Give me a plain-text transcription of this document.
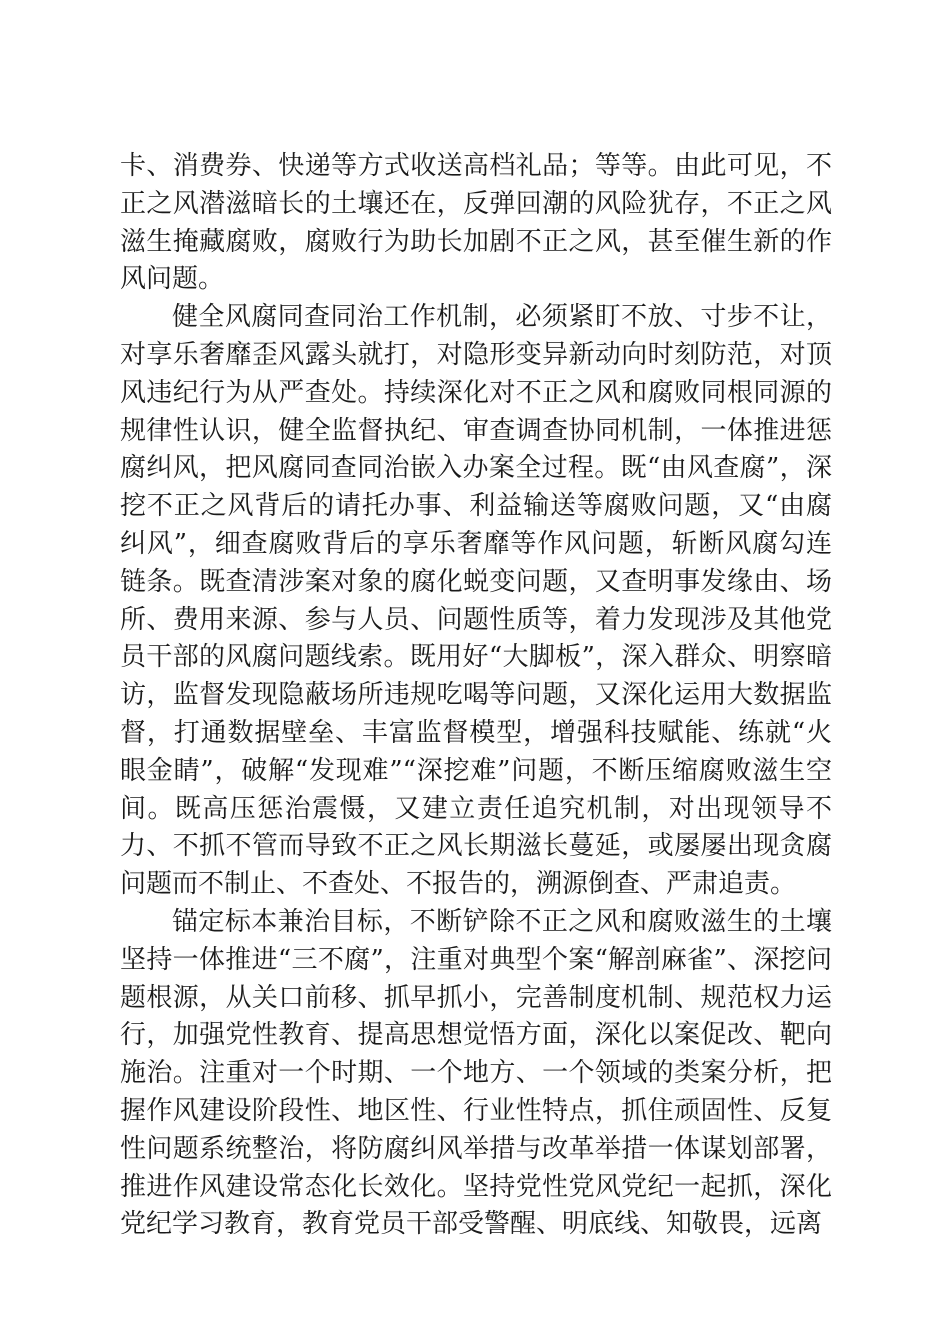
卡、消费券、快递等方式收送高档礼品；等等。由此可见，不正之风潜滋暗长的土壤还在，反弹回潮的风险犹存，不正之风滋生掩藏腐败，腐败行为助长加剧不正之风，甚至催生新的作风问题。

健全风腐同查同治工作机制，必须紧盯不放、寸步不让，对享乐奢靡歪风露头就打，对隐形变异新动向时刻防范，对顶风违纪行为从严查处。持续深化对不正之风和腐败同根同源的规律性认识，健全监督执纪、审查调查协同机制，一体推进惩腐纠风，把风腐同查同治嵌入办案全过程。既“由风查腐”，深挖不正之风背后的请托办事、利益输送等腐败问题，又“由腐纠风”，细查腐败背后的享乐奢靡等作风问题，斩断风腐勾连链条。既查清涉案对象的腐化蜕变问题，又查明事发缘由、场所、费用来源、参与人员、问题性质等，着力发现涉及其他党员干部的风腐问题线索。既用好“大脚板”，深入群众、明察暗访，监督发现隐蔽场所违规吃喝等问题，又深化运用大数据监督，打通数据壁垒、丰富监督模型，增强科技赋能、练就“火眼金睛”，破解“发现难”“深挖难”问题，不断压缩腐败滋生空间。既高压惩治震慑，又建立责任追究机制，对出现领导不力、不抓不管而导致不正之风长期滋长蔓延，或屡屡出现贪腐问题而不制止、不查处、不报告的，溯源倒查、严肃追责。

锚定标本兼治目标，不断铲除不正之风和腐败滋生的土壤坚持一体推进“三不腐”，注重对典型个案“解剖麻雀”、深挖问题根源，从关口前移、抓早抓小，完善制度机制、规范权力运行，加强党性教育、提高思想觉悟方面，深化以案促改、靶向施治。注重对一个时期、一个地方、一个领域的类案分析，把握作风建设阶段性、地区性、行业性特点，抓住顽固性、反复性问题系统整治，将防腐纠风举措与改革举措一体谋划部署，推进作风建设常态化长效化。坚持党性党风党纪一起抓，深化党纪学习教育，教育党员干部受警醒、明底线、知敬畏，远离
